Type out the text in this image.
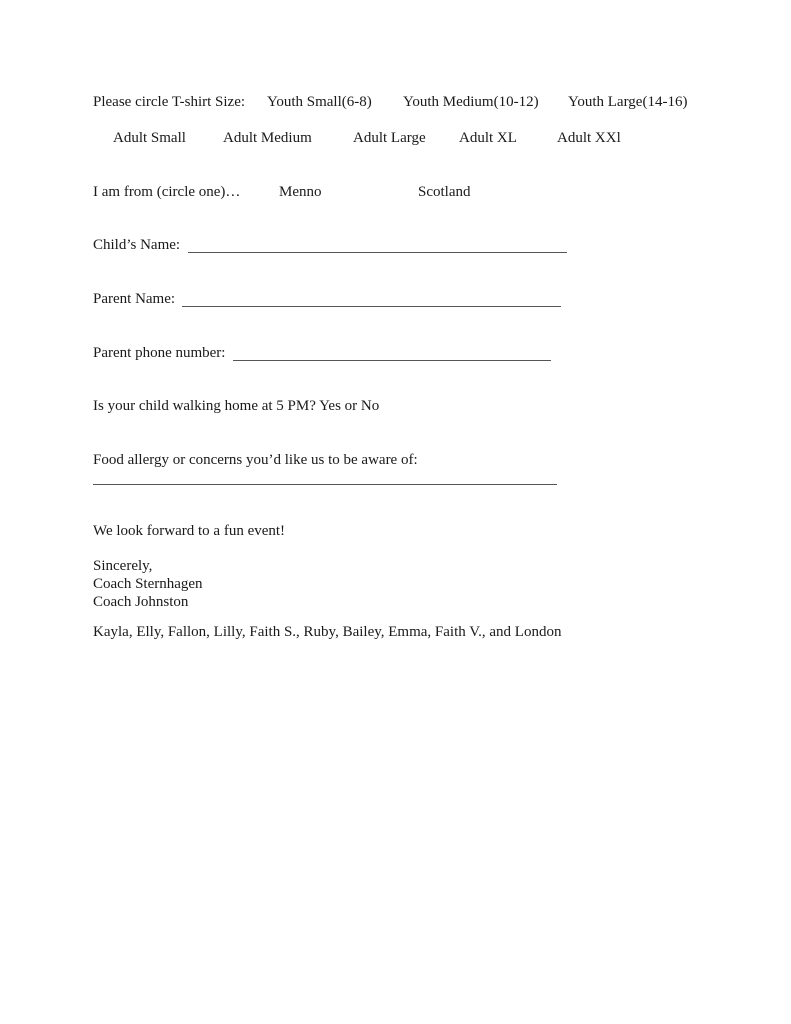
Please circle T-shirt Size: Youth Small(6-8) Youth Medium(10-12) Youth Large(14-16)
Adult Small Adult Medium	Adult Large Adult XL	Adult XXl
I am from (circle one)…	Menno	Scotland
Child’s Name:
Parent Name:
Parent phone number:
Is your child walking home at 5 PM? Yes or No
Food allergy or concerns you’d like us to be aware of:
We look forward to a fun event!
Sincerely,
Coach Sternhagen
Coach Johnston
Kayla, Elly, Fallon, Lilly, Faith S., Ruby, Bailey, Emma, Faith V., and London
